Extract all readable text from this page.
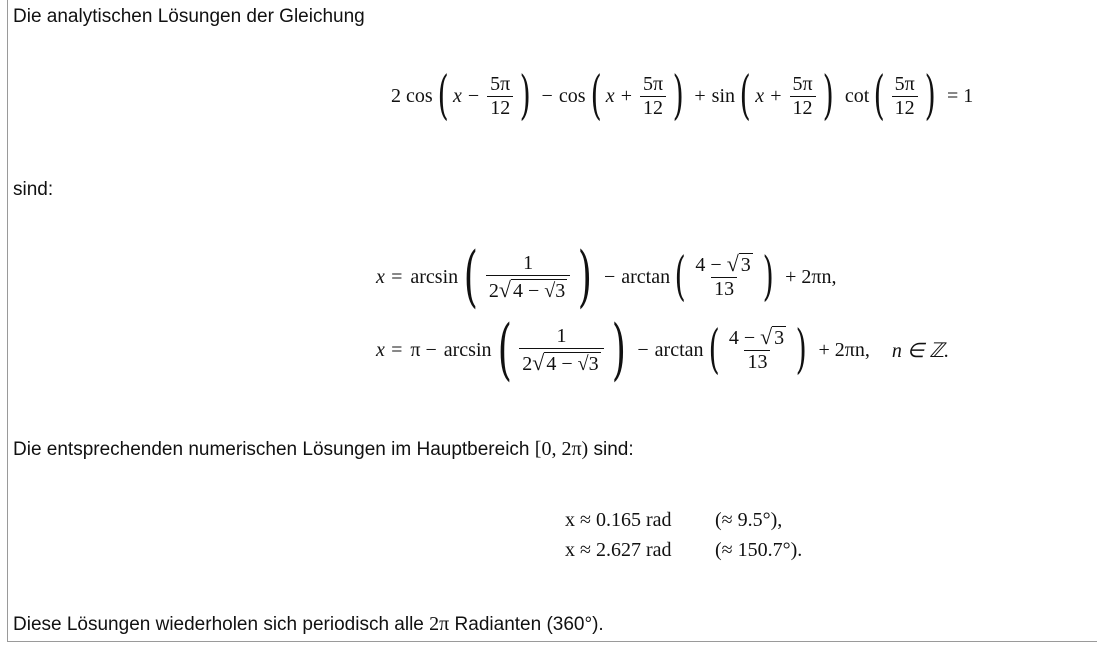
Die analytischen Lösungen der Gleichung
2 cos ( $x - \frac{5\pi}{12}$ ) − cos ( $x + \frac{5\pi}{12}$ ) + sin ( $x + \frac{5\pi}{12}$ ) cot ( $\frac{5\pi}{12}$ ) = 1
sind:
x = arcsin ( $\frac{1}{2 √ 4 - √3}$ ) − arctan ( $\frac{4 - √ 3}{13}$ ) + 2πn,
x = π − arcsin ( $\frac{1}{2 √ 4 - √3}$ ) − arctan ( $\frac{4 - √ 3}{13}$ ) + 2πn, n ∈ ℤ.
Die entsprechenden numerischen Lösungen im Hauptbereich [0, 2π) sind:
x ≈ 0.165 rad	(≈ 9.5°),
x ≈ 2.627 rad	(≈ 150.7°).
Diese Lösungen wiederholen sich periodisch alle 2π Radianten (360°).
